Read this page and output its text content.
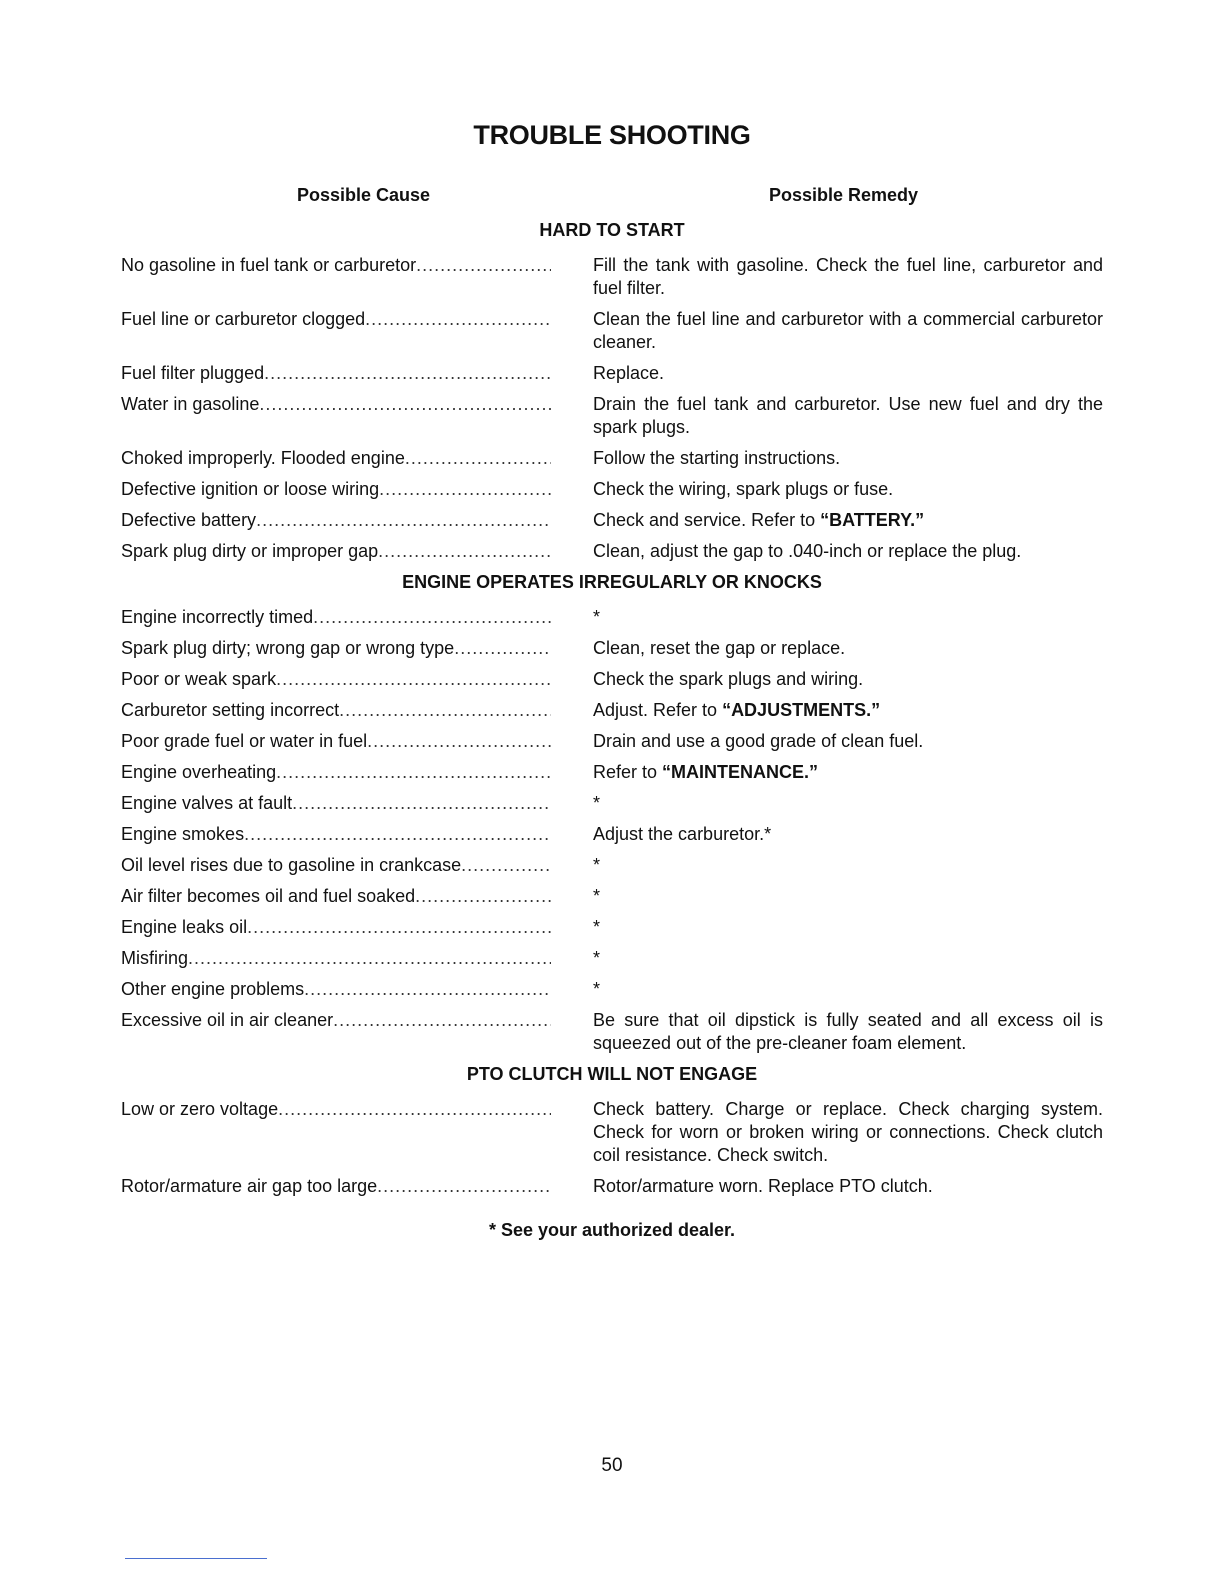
TROUBLE SHOOTING
Possible Cause	Possible Remedy
HARD TO START
No gasoline in fuel tank or carburetor .....	Fill the tank with gasoline. Check the fuel line, carburetor and fuel filter.
Fuel line or carburetor clogged .....	Clean the fuel line and carburetor with a commercial carburetor cleaner.
Fuel filter plugged .....	Replace.
Water in gasoline .....	Drain the fuel tank and carburetor. Use new fuel and dry the spark plugs.
Choked improperly. Flooded engine .....	Follow the starting instructions.
Defective ignition or loose wiring .....	Check the wiring, spark plugs or fuse.
Defective battery .....	Check and service. Refer to “BATTERY.”
Spark plug dirty or improper gap .....	Clean, adjust the gap to .040-inch or replace the plug.
ENGINE OPERATES IRREGULARLY OR KNOCKS
Engine incorrectly timed .....	*
Spark plug dirty; wrong gap or wrong type .....	Clean, reset the gap or replace.
Poor or weak spark .....	Check the spark plugs and wiring.
Carburetor setting incorrect .....	Adjust. Refer to “ADJUSTMENTS.”
Poor grade fuel or water in fuel .....	Drain and use a good grade of clean fuel.
Engine overheating .....	Refer to “MAINTENANCE.”
Engine valves at fault .....	*
Engine smokes .....	Adjust the carburetor.*
Oil level rises due to gasoline in crankcase .....	*
Air filter becomes oil and fuel soaked .....	*
Engine leaks oil .....	*
Misfiring .....	*
Other engine problems .....	*
Excessive oil in air cleaner .....	Be sure that oil dipstick is fully seated and all excess oil is squeezed out of the pre-cleaner foam element.
PTO CLUTCH WILL NOT ENGAGE
Low or zero voltage .....	Check battery. Charge or replace. Check charging system. Check for worn or broken wiring or connections. Check clutch coil resistance. Check switch.
Rotor/armature air gap too large .....	Rotor/armature worn. Replace PTO clutch.
* See your authorized dealer.
50
